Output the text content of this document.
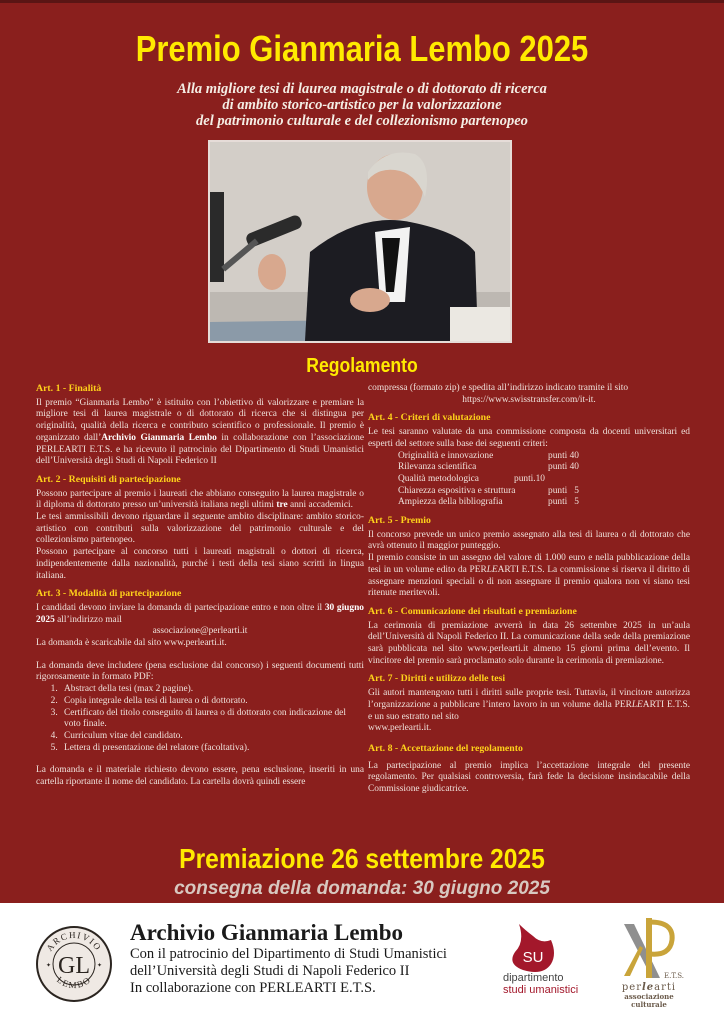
Premio Gianmaria Lembo 2025
Alla migliore tesi di laurea magistrale o di dottorato di ricerca
di ambito storico-artistico per la valorizzazione
del patrimonio culturale e del collezionismo partenopeo
Regolamento
Art. 1 - Finalità
Il premio “Gianmaria Lembo” è istituito con l’obiettivo di valorizzare e premiare la migliore tesi di laurea magistrale o di dottorato di ricerca che si distingua per originalità, qualità della ricerca e contributo scientifico o professionale. Il premio è organizzato dall’Archivio Gianmaria Lembo in collaborazione con l’associazione PERLEARTI E.T.S. e ha ricevuto il patrocinio del Dipartimento di Studi Umanistici dell’Università degli Studi di Napoli Federico II
Art. 2 - Requisiti di partecipazione
Possono partecipare al premio i laureati che abbiano conseguito la laurea magistrale o il diploma di dottorato presso un’università italiana negli ultimi tre anni accademici.
Le tesi ammissibili devono riguardare il seguente ambito disciplinare: ambito storico-artistico con contributi sulla valorizzazione del patrimonio culturale e del collezionismo partenopeo.
Possono partecipare al concorso tutti i laureati magistrali o dottori di ricerca, indipendentemente dalla nazionalità, purché i testi della tesi siano scritti in lingua italiana.
Art. 3 - Modalità di partecipazione
I candidati devono inviare la domanda di partecipazione entro e non oltre il 30 giugno 2025 all’indirizzo mail
associazione@perlearti.it
La domanda è scaricabile dal sito www.perlearti.it.
La domanda deve includere (pena esclusione dal concorso) i seguenti documenti tutti rigorosamente in formato PDF:
1. Abstract della tesi (max 2 pagine).
2. Copia integrale della tesi di laurea o di dottorato.
3. Certificato del titolo conseguito di laurea o di dottorato con indicazione del voto finale.
4. Curriculum vitae del candidato.
5. Lettera di presentazione del relatore (facoltativa).
La domanda e il materiale richiesto devono essere, pena esclusione, inseriti in una cartella riportante il nome del candidato. La cartella dovrà quindi essere
compressa (formato zip) e spedita all’indirizzo indicato tramite il sito
https://www.swisstransfer.com/it-it.
Art. 4 - Criteri di valutazione
Le tesi saranno valutate da una commissione composta da docenti universitari ed esperti del settore sulla base dei seguenti criteri:
Originalità e innovazione	punti 40
Rilevanza scientifica	punti 40
Qualità metodologica	punti.10
Chiarezza espositiva e struttura	punti   5
Ampiezza della bibliografia	punti   5
Art. 5 - Premio
Il concorso prevede un unico premio assegnato alla tesi di laurea o di dottorato che avrà ottenuto il maggior punteggio.
Il premio consiste in un assegno del valore di 1.000 euro e nella pubblicazione della tesi in un volume edito da PERLEARTI E.T.S. La commissione si riserva il diritto di assegnare menzioni speciali o di non assegnare il premio qualora non vi siano tesi ritenute meritevoli.
Art. 6 - Comunicazione dei risultati e premiazione
La cerimonia di premiazione avverrà in data 26 settembre 2025 in un’aula dell’Università di Napoli Federico II. La comunicazione della sede della premiazione sarà pubblicata nel sito www.perlearti.it almeno 15 giorni prima dell’evento. Il vincitore del premio sarà proclamato solo durante la cerimonia di premiazione.
Art. 7 - Diritti e utilizzo delle tesi
Gli autori mantengono tutti i diritti sulle proprie tesi. Tuttavia, il vincitore autorizza l’organizzazione a pubblicare l’intero lavoro in un volume della PERLEARTI E.T.S. e un suo estratto nel sito
www.perlearti.it.
Art. 8 - Accettazione del regolamento
La partecipazione al premio implica l’accettazione integrale del presente regolamento. Per qualsiasi controversia, farà fede la decisione insindacabile della Commissione giudicatrice.
Premiazione 26 settembre 2025
consegna della domanda: 30 giugno 2025
ARCHIVIO
LEMBO
GL
✦	✦
Archivio Gianmaria Lembo
Con il patrocinio del Dipartimento di Studi Umanistici
dell’Università degli Studi di Napoli Federico II
In collaborazione con PERLEARTI E.T.S.
SU
dipartimento
studi umanistici
E.T.S.
perlearti
associazione
culturale
